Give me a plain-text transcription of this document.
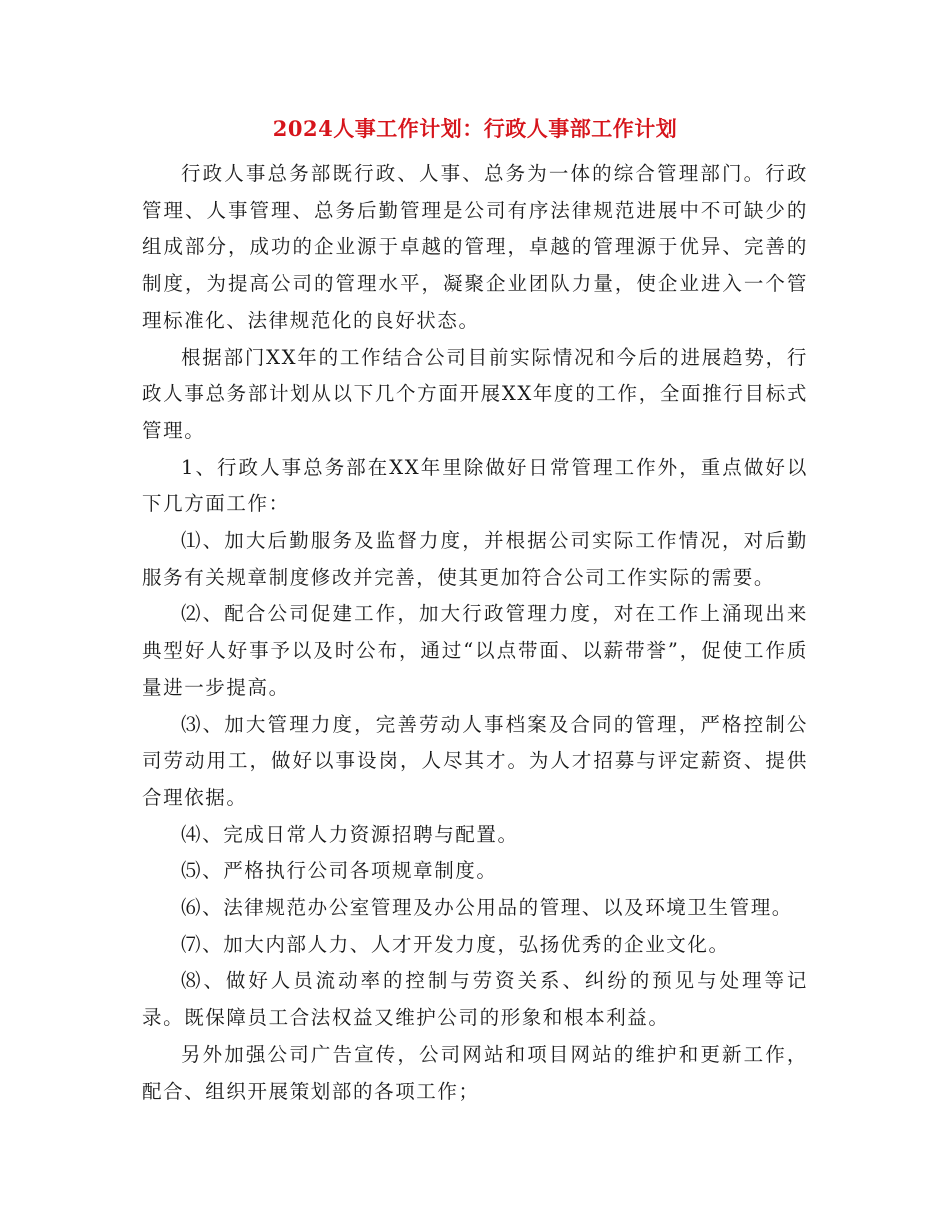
2024人事工作计划：行政人事部工作计划

行政人事总务部既行政、人事、总务为一体的综合管理部门。行政管理、人事管理、总务后勤管理是公司有序法律规范进展中不可缺少的组成部分，成功的企业源于卓越的管理，卓越的管理源于优异、完善的制度，为提高公司的管理水平，凝聚企业团队力量，使企业进入一个管理标准化、法律规范化的良好状态。

根据部门XX年的工作结合公司目前实际情况和今后的进展趋势，行政人事总务部计划从以下几个方面开展XX年度的工作，全面推行目标式管理。

1、行政人事总务部在XX年里除做好日常管理工作外，重点做好以下几方面工作：

⑴、加大后勤服务及监督力度，并根据公司实际工作情况，对后勤服务有关规章制度修改并完善，使其更加符合公司工作实际的需要。

⑵、配合公司促建工作，加大行政管理力度，对在工作上涌现出来典型好人好事予以及时公布，通过“以点带面、以薪带誉”，促使工作质量进一步提高。

⑶、加大管理力度，完善劳动人事档案及合同的管理，严格控制公司劳动用工，做好以事设岗，人尽其才。为人才招募与评定薪资、提供合理依据。

⑷、完成日常人力资源招聘与配置。

⑸、严格执行公司各项规章制度。

⑹、法律规范办公室管理及办公用品的管理、以及环境卫生管理。

⑺、加大内部人力、人才开发力度，弘扬优秀的企业文化。

⑻、做好人员流动率的控制与劳资关系、纠纷的预见与处理等记录。既保障员工合法权益又维护公司的形象和根本利益。

另外加强公司广告宣传，公司网站和项目网站的维护和更新工作，配合、组织开展策划部的各项工作；
